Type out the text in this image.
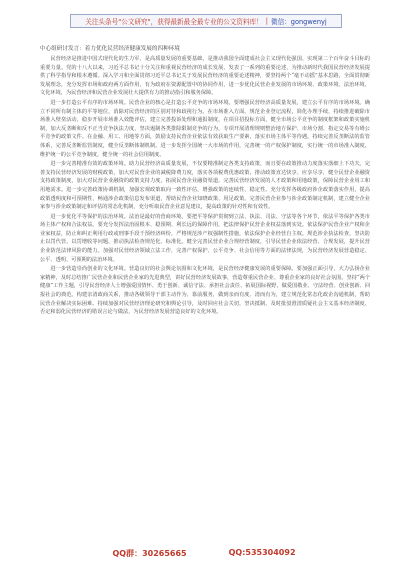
关注头条号"公文研究"，获得最新最全最专业的公文资料库！ | 微信：gongwenyj
中心组研讨发言：着力优化民营经济健康发展的四种环境

民营经济是推进中国式现代化的生力军，是高质量发展的重要基础，是推动我国全面建成社会主义现代化强国、实现第二个百年奋斗目标的重要力量。党的十八大以来，习近平总书记十分关注和重视民营经济的成长发展，发表了一系列的重要论述，为推动新时代我国民营经济发展提供了科学指导和根本遵循。深入学习和全面贯彻习近平总书记关于发展民营经济的重要论述精神，要坚持两个“毫不动摇”基本思路，全面贯彻新发展理念，充分发挥市场和政府两方面作用，有为政府在资源配置中的协同作用，进一步优化民营企业发展的市场环境、政策环境、法治环境、文化环境，为民营经济和民营企业发展壮大提供有力的推动指引和服务保障。

进一步打造公平有序的市场环境。民营企业的核心是打造公平竞争的市场环境。要增强民营经济高质量发展，建立公平有序的市场环境。确立不同所有制主体的平等地位，消除对民营经济的区别对待和歧视行为。在市场准入方面，规范企业登记流程，简化办理手续，持续推进破除市场准入壁垒活动，稳步开展市场准入效能评估，建立完善投诉处理和通报制度，在项目招投标方面，健全市场公平竞争的制度框架和政策实施机制，加大反垄断和反不正当竞争执法力度，坚决遏制各类排除限制竞争的行为，专项开展清理规则整治地方保护、市场分割、指定交易等有碍公平竞争的政策文件。在金融、用工、用地等方面，鼓励支持民营企业依法有效获取生产要素，落实市场主体平等待遇。持续完善反垄断法的监管体系，完善反垄断监管制度，健全反垄断体制机制。进一步发挥全国统一大市场的作用，完善统一的产权保护制度，实行统一的市场准入制度，维护统一的公平竞争制度，健全统一的社会信用制度。

进一步完善精准有效的政策环境。助力民营经济高质量发展，不仅要精准制定各类支持政策，而且要在政策推动力度落实落细上下功夫。完善支持民营经济发展的财税政策，加大对民营企业的减税降费力度，落实各项税费优惠政策，推动政策直达快享、应享尽享，健全民营企业融资支持政策制度，加大对民营企业融资的政策支持力度，拓展民营企业融资渠道。完善民营经济发展的人才政策和用地政策，保障民营企业用工和用地需求。进一步完善政策协调机制，加强宏观政策取向一致性评估，增强政策的连续性、稳定性。充分发挥各级政府涉企政策落实作用，提高政策透明度和可预期性，畅通涉企政策信息发布渠道，帮助民营企业知晓政策、用足政策。完善民营企业参与涉企政策制定机制，建立健全企业家参与涉企政策制定和评估的常态化机制，充分听取民营企业意见建议，提高政策的针对性和有效性。

进一步优化平等保护的法治环境。法治是最好的营商环境。要把平等保护贯彻到立法、执法、司法、守法等各个环节，依法平等保护各类市场主体产权和合法权益。要充分发挥法治固根本、稳预期、利长远的保障作用，把法律保护民营企业权益落到实处。依法保护民营企业产权和企业家权益，防止和纠正利用行政或刑事手段干预经济纠纷，严格规范涉产权强制性措施，依法保护企业经营自主权。规范涉企执法检查，坚决防止以罚代管、以罚增收等问题，推动执法检查规范化、标准化。健全完善民营企业合规经营制度，引导民营企业依法经营、合规发展，提升民营企业防范法律风险的能力。加强对民营经济领域立法工作，完善产权保护、公平竞争、社会信用等方面的法律法规，为民营经济发展营造稳定、公平、透明、可预期的法治环境。

进一步营造崇尚创业的文化环境。营造良好的社会舆论氛围和文化环境，是民营经济健康发展的重要保障。要加强正面引导，大力弘扬企业家精神，及时总结推广民营企业和民营企业家的先进典型，讲好民营经济发展故事，营造尊重民营企业、尊重企业家的良好社会氛围。坚持“两个健康”工作主题，引导民营经济人士增强爱国情怀、勇于创新、诚信守法、承担社会责任、拓展国际视野，做爱国敬业、守法经营、创业创新、回报社会的典范。构建亲清政商关系，推动各级领导干部主动作为、靠前服务，做到亲而有度、清而有为，建立规范化常态化政企沟通机制，帮助民营企业解决实际困难。持续加强对民营经济理论研究和舆论引导，及时回应社会关切，坚决抵制、及时批驳澄清质疑社会主义基本经济制度、否定和弱化民营经济的错误言论与做法，为民营经济发展营造良好的文化环境。

QQ群：30265665	QQ:535304092
